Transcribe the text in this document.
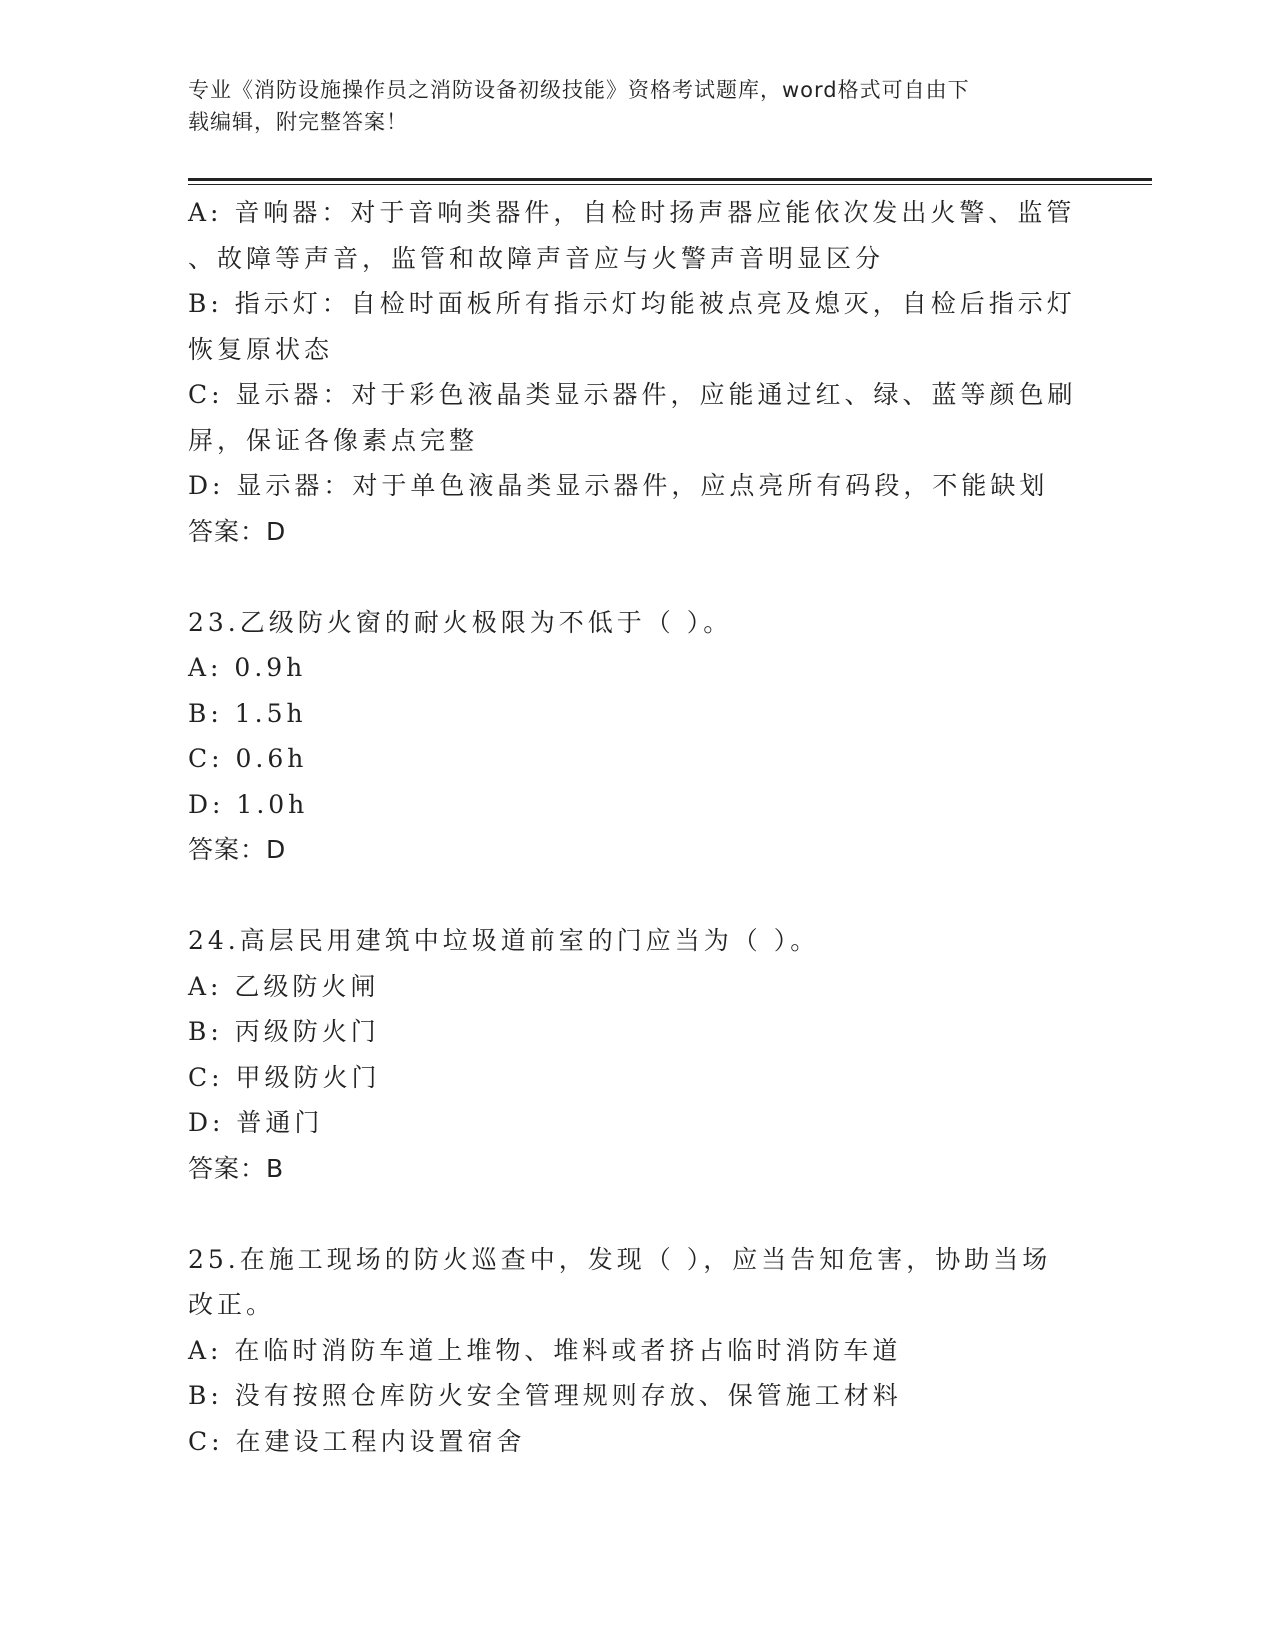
专业《消防设施操作员之消防设备初级技能》资格考试题库，word格式可自由下
载编辑，附完整答案！
A: 音响器：对于音响类器件，自检时扬声器应能依次发出火警、监管
、故障等声音，监管和故障声音应与火警声音明显区分
B: 指示灯：自检时面板所有指示灯均能被点亮及熄灭，自检后指示灯
恢复原状态
C: 显示器：对于彩色液晶类显示器件，应能通过红、绿、蓝等颜色刷
屏，保证各像素点完整
D: 显示器：对于单色液晶类显示器件，应点亮所有码段，不能缺划
答案：D
23.乙级防火窗的耐火极限为不低于（ ）。
A: 0.9h
B: 1.5h
C: 0.6h
D: 1.0h
答案：D
24.高层民用建筑中垃圾道前室的门应当为（ ）。
A: 乙级防火闸
B: 丙级防火门
C: 甲级防火门
D: 普通门
答案：B
25.在施工现场的防火巡查中，发现（ ），应当告知危害，协助当场
改正。
A: 在临时消防车道上堆物、堆料或者挤占临时消防车道
B: 没有按照仓库防火安全管理规则存放、保管施工材料
C: 在建设工程内设置宿舍
